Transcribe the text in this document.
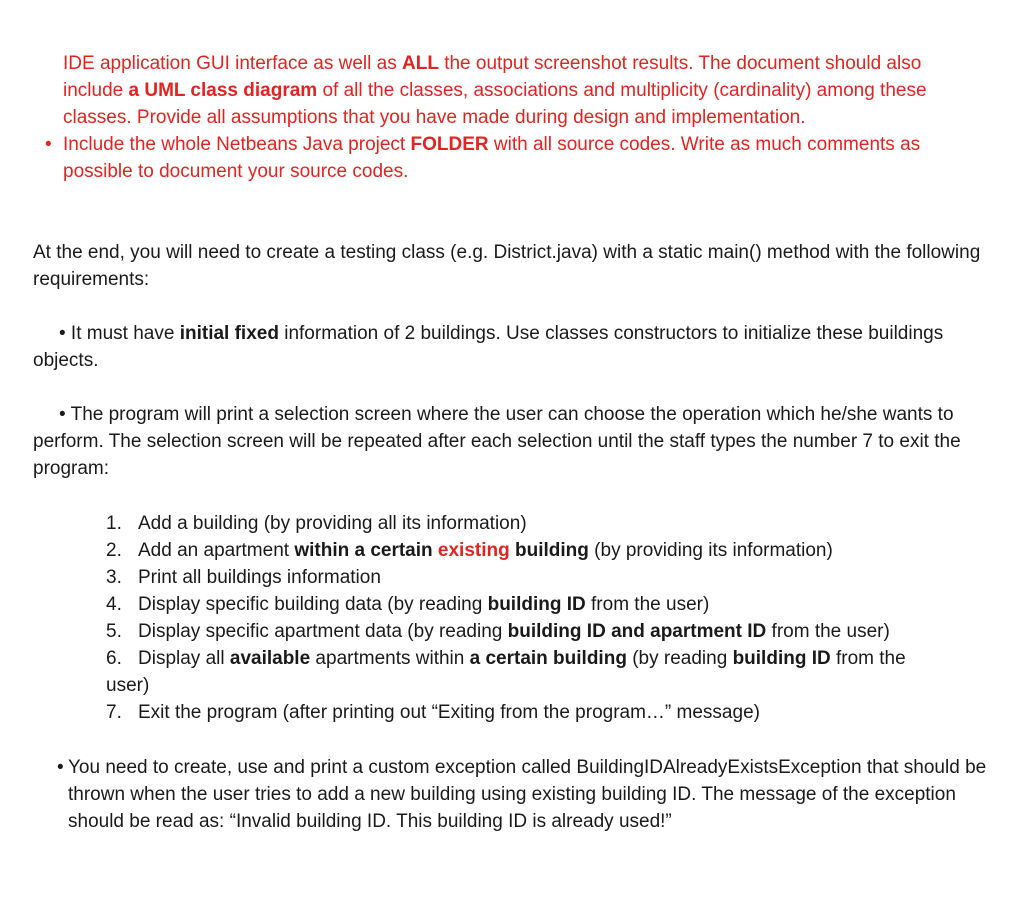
IDE application GUI interface as well as ALL the output screenshot results. The document should also
include a UML class diagram of all the classes, associations and multiplicity (cardinality) among these
classes. Provide all assumptions that you have made during design and implementation.
• Include the whole Netbeans Java project FOLDER with all source codes. Write as much comments as
possible to document your source codes.
At the end, you will need to create a testing class (e.g. District.java) with a static main() method with the following requirements:
• It must have initial fixed information of 2 buildings. Use classes constructors to initialize these buildings objects.
• The program will print a selection screen where the user can choose the operation which he/she wants to perform. The selection screen will be repeated after each selection until the staff types the number 7 to exit the program:
1. Add a building (by providing all its information)
2. Add an apartment within a certain existing building (by providing its information)
3. Print all buildings information
4. Display specific building data (by reading building ID from the user)
5. Display specific apartment data (by reading building ID and apartment ID from the user)
6. Display all available apartments within a certain building (by reading building ID from the
user)
7. Exit the program (after printing out “Exiting from the program…” message)
• You need to create, use and print a custom exception called BuildingIDAlreadyExistsException that should be thrown when the user tries to add a new building using existing building ID. The message of the exception should be read as: “Invalid building ID. This building ID is already used!”
